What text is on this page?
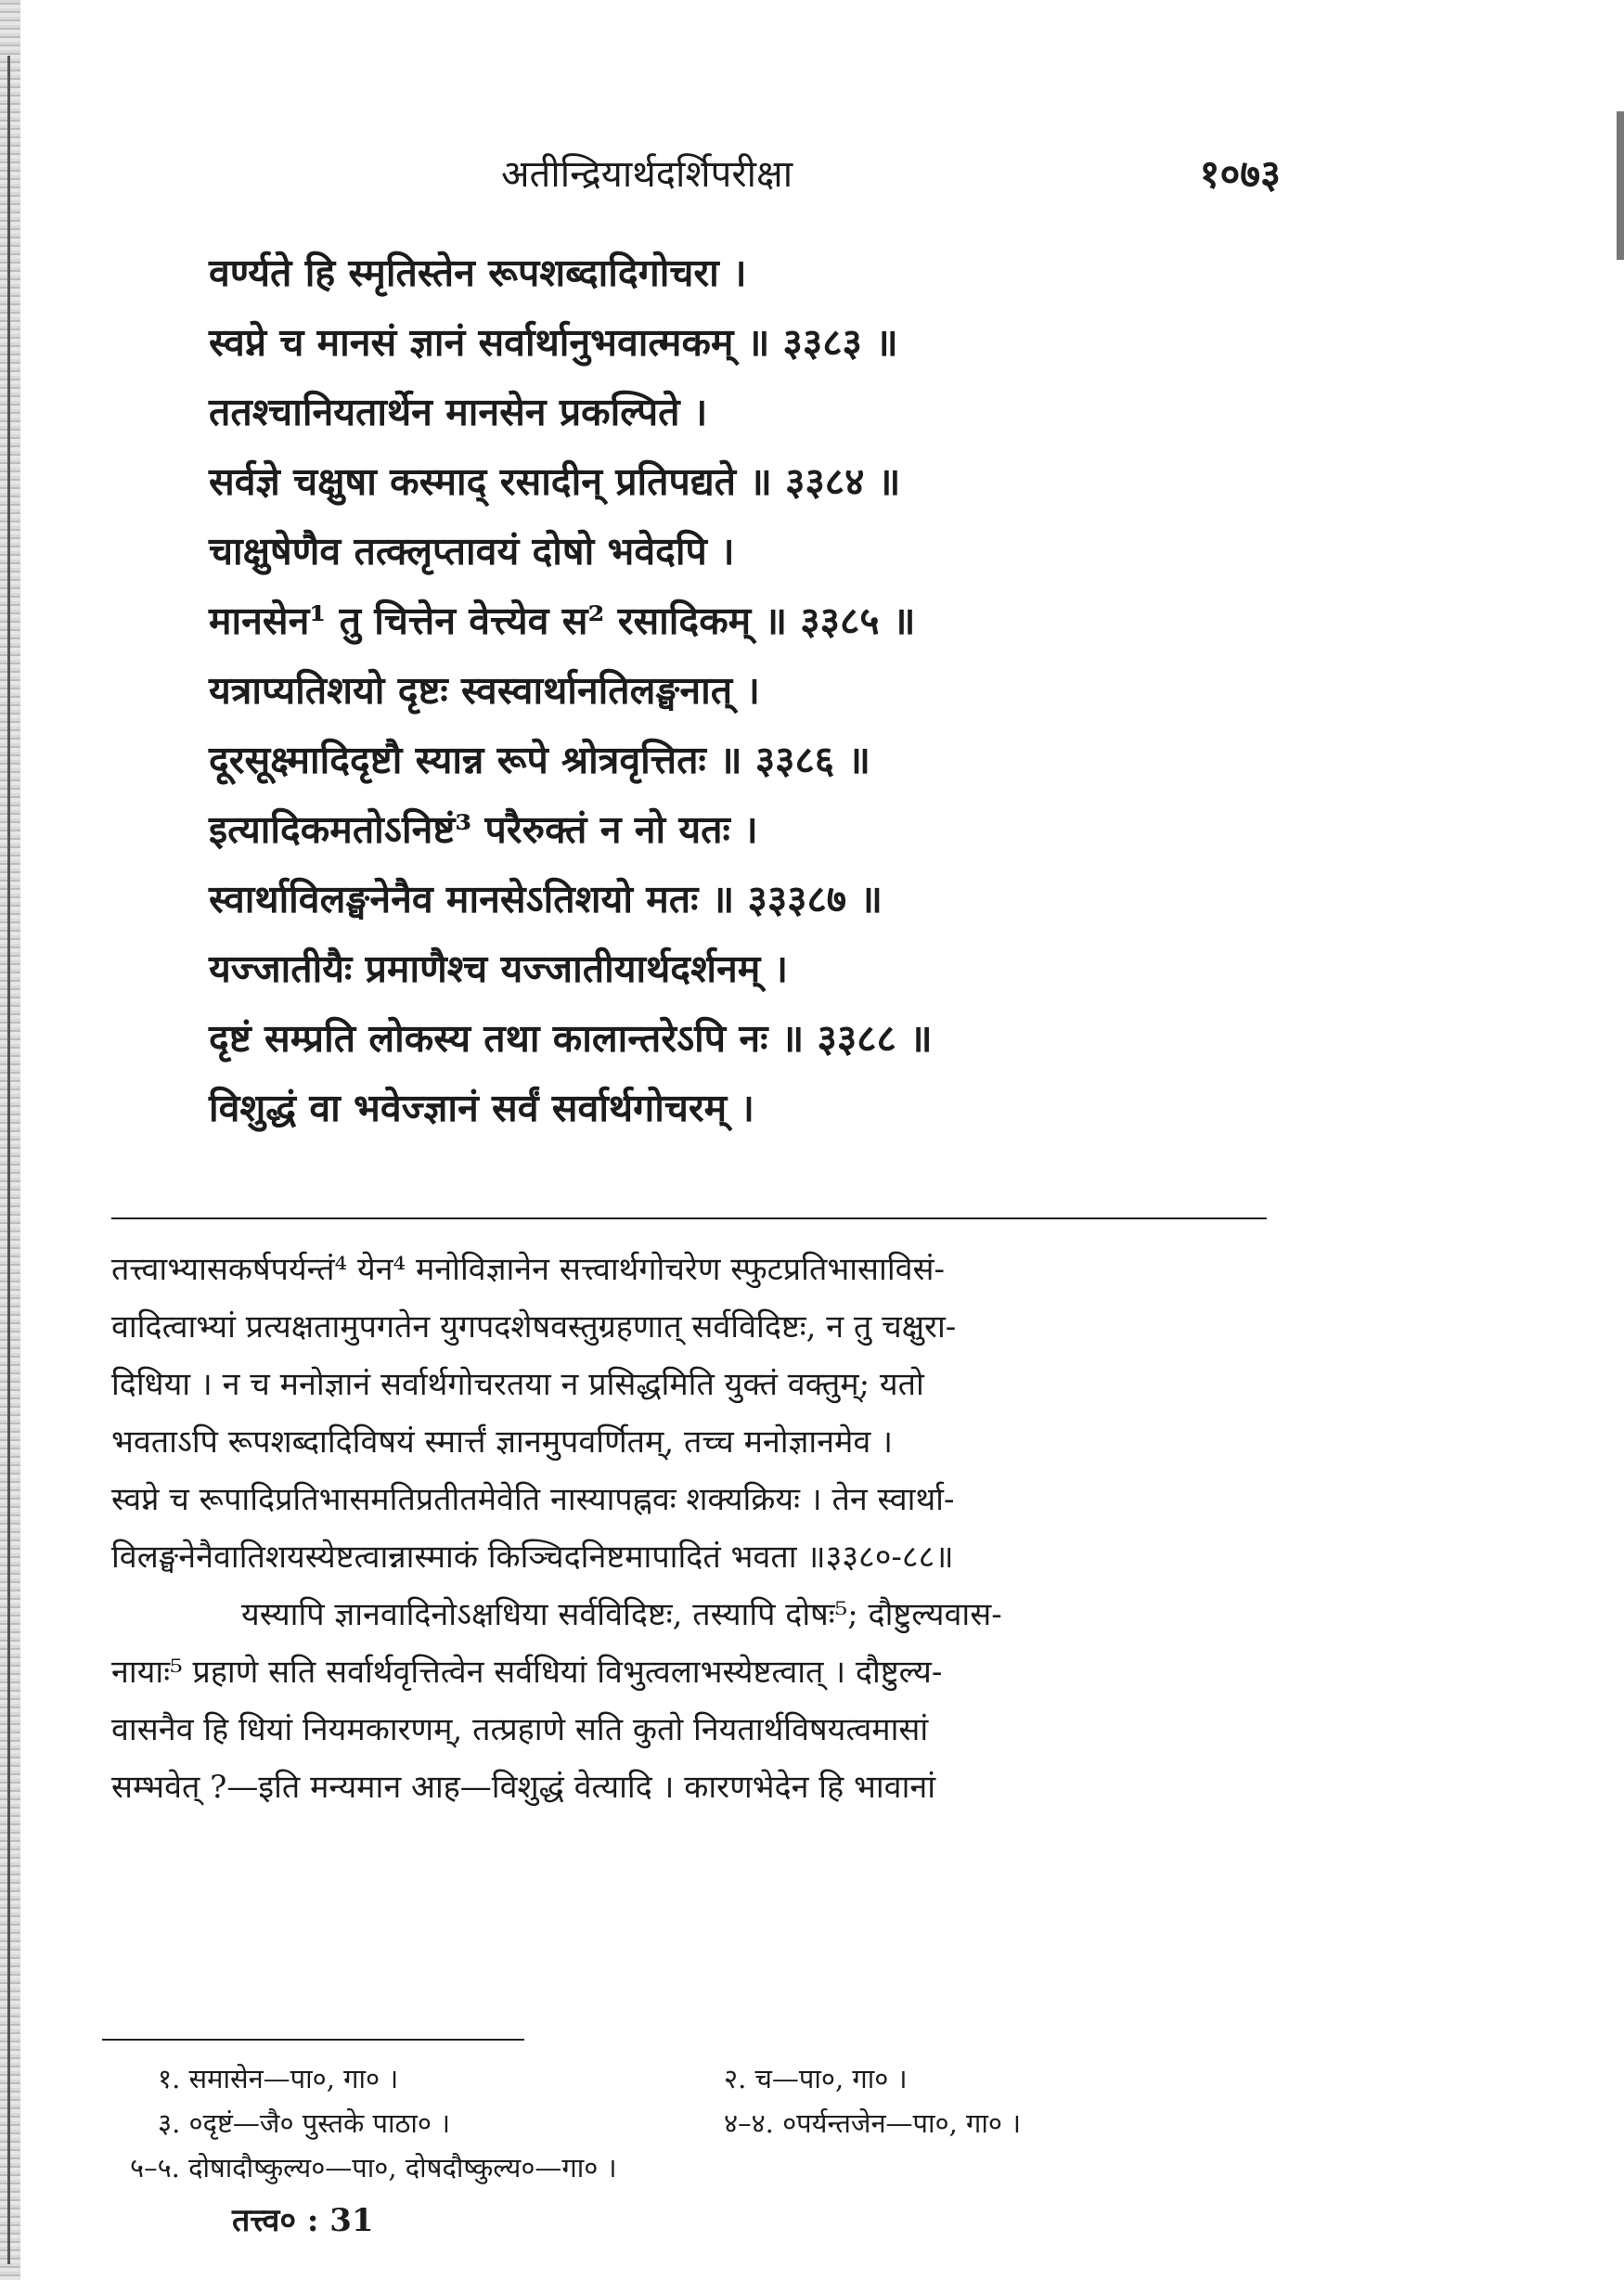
अतीन्द्रियार्थदर्शिपरीक्षा	१०७३
वर्ण्यते हि स्मृतिस्तेन रूपशब्दादिगोचरा ।
स्वप्ने च मानसं ज्ञानं सर्वार्थानुभवात्मकम् ॥ ३३८३ ॥
ततश्चानियतार्थेन मानसेन प्रकल्पिते ।
सर्वज्ञे चक्षुषा कस्माद् रसादीन् प्रतिपद्यते ॥ ३३८४ ॥
चाक्षुषेणैव तत्क्लृप्तावयं दोषो भवेदपि ।
मानसेन¹ तु चित्तेन वेत्त्येव स² रसादिकम् ॥ ३३८५ ॥
यत्राप्यतिशयो दृष्टः स्वस्वार्थानतिलङ्घनात् ।
दूरसूक्ष्मादिदृष्टौ स्यान्न रूपे श्रोत्रवृत्तितः ॥ ३३८६ ॥
इत्यादिकमतोऽनिष्टं³ परैरुक्तं न नो यतः ।
स्वार्थाविलङ्घनेनैव मानसेऽतिशयो मतः ॥ ३३३८७ ॥
यज्जातीयैः प्रमाणैश्च यज्जातीयार्थदर्शनम् ।
दृष्टं सम्प्रति लोकस्य तथा कालान्तरेऽपि नः ॥ ३३८८ ॥
विशुद्धं वा भवेज्ज्ञानं सर्वं सर्वार्थगोचरम् ।
तत्त्वाभ्यासकर्षपर्यन्तं⁴ येन⁴ मनोविज्ञानेन सत्त्वार्थगोचरेण स्फुटप्रतिभासाविसं-
वादित्वाभ्यां प्रत्यक्षतामुपगतेन युगपदशेषवस्तुग्रहणात् सर्वविदिष्टः, न तु चक्षुरा-
दिधिया । न च मनोज्ञानं सर्वार्थगोचरतया न प्रसिद्धमिति युक्तं वक्तुम्; यतो
भवताऽपि रूपशब्दादिविषयं स्मार्त्तं ज्ञानमुपवर्णितम्, तच्च मनोज्ञानमेव ।
स्वप्ने च रूपादिप्रतिभासमतिप्रतीतमेवेति नास्यापह्नवः शक्यक्रियः । तेन स्वार्था-
विलङ्घनेनैवातिशयस्येष्टत्वान्नास्माकं किञ्चिदनिष्टमापादितं भवता ॥३३८०-८८॥
यस्यापि ज्ञानवादिनोऽक्षधिया सर्वविदिष्टः, तस्यापि दोषः⁵; दौष्टुल्यवास-
नायाः⁵ प्रहाणे सति सर्वार्थवृत्तित्वेन सर्वधियां विभुत्वलाभस्येष्टत्वात् । दौष्टुल्य-
वासनैव हि धियां नियमकारणम्, तत्प्रहाणे सति कुतो नियतार्थविषयत्वमासां
सम्भवेत् ?—इति मन्यमान आह—विशुद्धं वेत्यादि । कारणभेदेन हि भावानां
१. समासेन—पा०, गा० ।	२. च—पा०, गा० ।
३. ०दृष्टं—जै० पुस्तके पाठा० ।	४–४. ०पर्यन्तजेन—पा०, गा० ।
५–५. दोषादौष्कुल्य०—पा०, दोषदौष्कुल्य०—गा० ।
तत्त्व० : 31
